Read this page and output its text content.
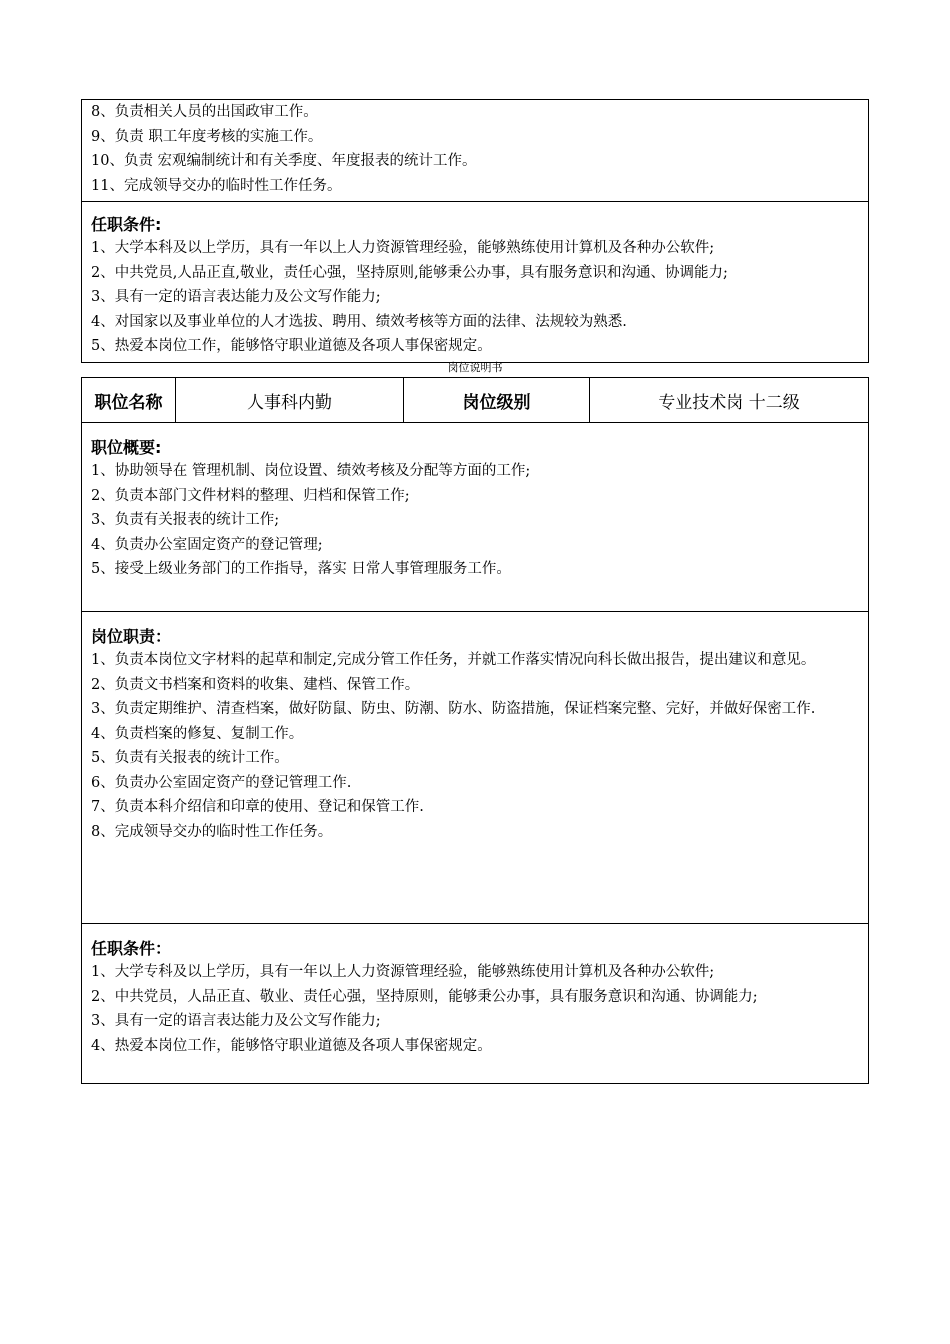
8、负责相关人员的出国政审工作。
9、负责 职工年度考核的实施工作。
10、负责 宏观编制统计和有关季度、年度报表的统计工作。
11、完成领导交办的临时性工作任务。
任职条件:
1、大学本科及以上学历，具有一年以上人力资源管理经验，能够熟练使用计算机及各种办公软件;
2、中共党员,人品正直,敬业，责任心强，坚持原则,能够秉公办事，具有服务意识和沟通、协调能力;
3、具有一定的语言表达能力及公文写作能力;
4、对国家以及事业单位的人才选拔、聘用、绩效考核等方面的法律、法规较为熟悉.
5、热爱本岗位工作，能够恪守职业道德及各项人事保密规定。
岗位说明书
职位名称	人事科内勤	岗位级别	专业技术岗 十二级
职位概要:
1、协助领导在 管理机制、岗位设置、绩效考核及分配等方面的工作;
2、负责本部门文件材料的整理、归档和保管工作;
3、负责有关报表的统计工作;
4、负责办公室固定资产的登记管理;
5、接受上级业务部门的工作指导，落实 日常人事管理服务工作。
岗位职责：
1、负责本岗位文字材料的起草和制定,完成分管工作任务，并就工作落实情况向科长做出报告，提出建议和意见。
2、负责文书档案和资料的收集、建档、保管工作。
3、负责定期维护、清查档案，做好防鼠、防虫、防潮、防水、防盗措施，保证档案完整、完好，并做好保密工作.
4、负责档案的修复、复制工作。
5、负责有关报表的统计工作。
6、负责办公室固定资产的登记管理工作.
7、负责本科介绍信和印章的使用、登记和保管工作.
8、完成领导交办的临时性工作任务。
任职条件：
1、大学专科及以上学历，具有一年以上人力资源管理经验，能够熟练使用计算机及各种办公软件;
2、中共党员，人品正直、敬业、责任心强，坚持原则，能够秉公办事，具有服务意识和沟通、协调能力;
3、具有一定的语言表达能力及公文写作能力;
4、热爱本岗位工作，能够恪守职业道德及各项人事保密规定。
